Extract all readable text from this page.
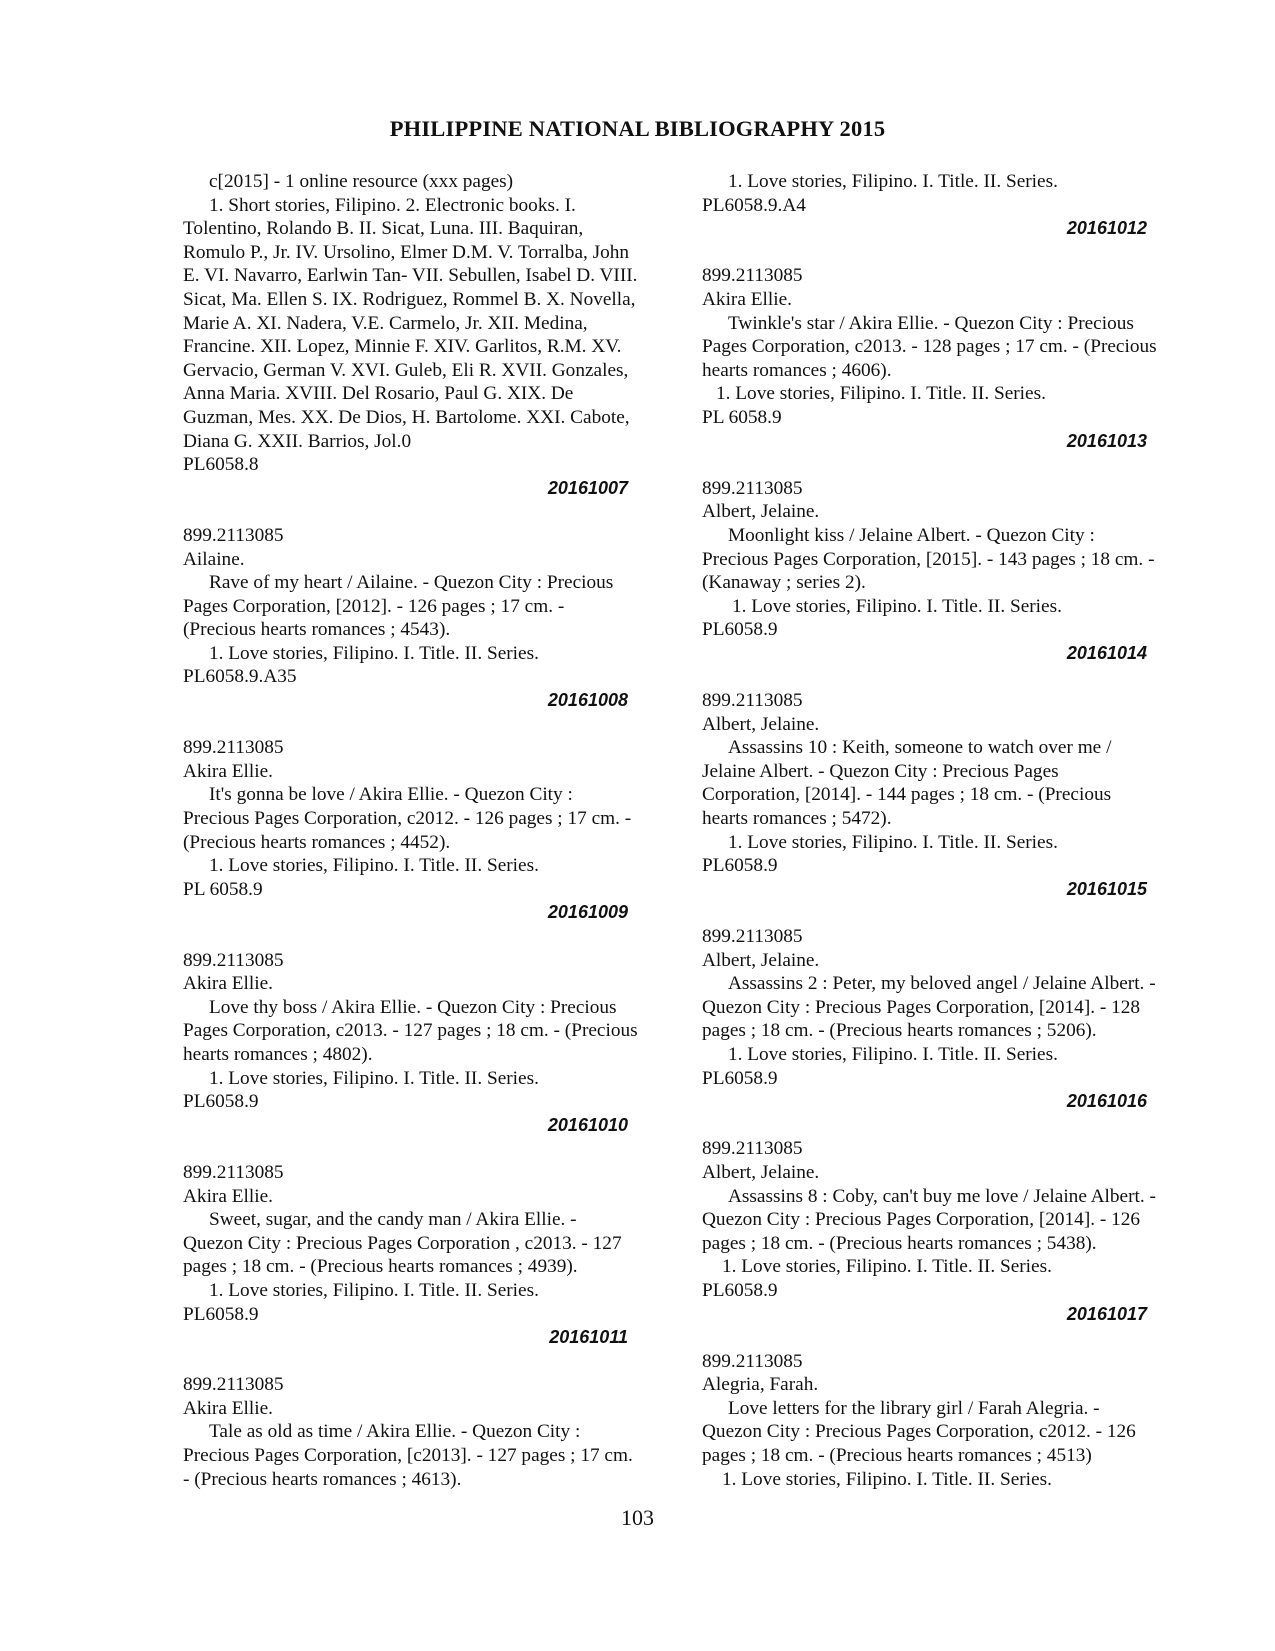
PHILIPPINE NATIONAL BIBLIOGRAPHY 2015
c[2015] - 1 online resource (xxx pages)
1. Short stories, Filipino. 2. Electronic books. I.
Tolentino, Rolando B. II. Sicat, Luna. III. Baquiran,
Romulo P., Jr. IV. Ursolino, Elmer D.M. V. Torralba, John
E. VI. Navarro, Earlwin Tan- VII. Sebullen, Isabel D. VIII.
Sicat, Ma. Ellen S. IX. Rodriguez, Rommel B. X. Novella,
Marie A. XI. Nadera, V.E. Carmelo, Jr. XII. Medina,
Francine. XII. Lopez, Minnie F. XIV. Garlitos, R.M. XV.
Gervacio, German V. XVI. Guleb, Eli R. XVII. Gonzales,
Anna Maria. XVIII. Del Rosario, Paul G. XIX. De
Guzman, Mes. XX. De Dios, H. Bartolome. XXI. Cabote,
Diana G. XXII. Barrios, Jol.0
PL6058.8
20161007
899.2113085
Ailaine.
Rave of my heart / Ailaine. - Quezon City : Precious
Pages Corporation, [2012]. - 126 pages ; 17 cm. -
(Precious hearts romances ; 4543).
1. Love stories, Filipino. I. Title. II. Series.
PL6058.9.A35
20161008
899.2113085
Akira Ellie.
It's gonna be love / Akira Ellie. - Quezon City :
Precious Pages Corporation, c2012. - 126 pages ; 17 cm. -
(Precious hearts romances ; 4452).
1. Love stories, Filipino. I. Title. II. Series.
PL 6058.9
20161009
899.2113085
Akira Ellie.
Love thy boss / Akira Ellie. - Quezon City : Precious
Pages Corporation, c2013. - 127 pages ; 18 cm. - (Precious
hearts romances ; 4802).
1. Love stories, Filipino. I. Title. II. Series.
PL6058.9
20161010
899.2113085
Akira Ellie.
Sweet, sugar, and the candy man / Akira Ellie. -
Quezon City : Precious Pages Corporation , c2013. - 127
pages ; 18 cm. - (Precious hearts romances ; 4939).
1. Love stories, Filipino. I. Title. II. Series.
PL6058.9
20161011
899.2113085
Akira Ellie.
Tale as old as time / Akira Ellie. - Quezon City :
Precious Pages Corporation, [c2013]. - 127 pages ; 17 cm.
- (Precious hearts romances ; 4613).
1. Love stories, Filipino. I. Title. II. Series.
PL6058.9.A4
20161012
899.2113085
Akira Ellie.
Twinkle's star / Akira Ellie. - Quezon City : Precious
Pages Corporation, c2013. - 128 pages ; 17 cm. - (Precious
hearts romances ; 4606).
1. Love stories, Filipino. I. Title. II. Series.
PL 6058.9
20161013
899.2113085
Albert, Jelaine.
Moonlight kiss / Jelaine Albert. - Quezon City :
Precious Pages Corporation, [2015]. - 143 pages ; 18 cm. -
(Kanaway ; series 2).
1. Love stories, Filipino. I. Title. II. Series.
PL6058.9
20161014
899.2113085
Albert, Jelaine.
Assassins 10 : Keith, someone to watch over me /
Jelaine Albert. - Quezon City : Precious Pages
Corporation, [2014]. - 144 pages ; 18 cm. - (Precious
hearts romances ; 5472).
1. Love stories, Filipino. I. Title. II. Series.
PL6058.9
20161015
899.2113085
Albert, Jelaine.
Assassins 2 : Peter, my beloved angel / Jelaine Albert. -
Quezon City : Precious Pages Corporation, [2014]. - 128
pages ; 18 cm. - (Precious hearts romances ; 5206).
1. Love stories, Filipino. I. Title. II. Series.
PL6058.9
20161016
899.2113085
Albert, Jelaine.
Assassins 8 : Coby, can't buy me love / Jelaine Albert. -
Quezon City : Precious Pages Corporation, [2014]. - 126
pages ; 18 cm. - (Precious hearts romances ; 5438).
1. Love stories, Filipino. I. Title. II. Series.
PL6058.9
20161017
899.2113085
Alegria, Farah.
Love letters for the library girl / Farah Alegria. -
Quezon City : Precious Pages Corporation, c2012. - 126
pages ; 18 cm. - (Precious hearts romances ; 4513)
1. Love stories, Filipino. I. Title. II. Series.
103
